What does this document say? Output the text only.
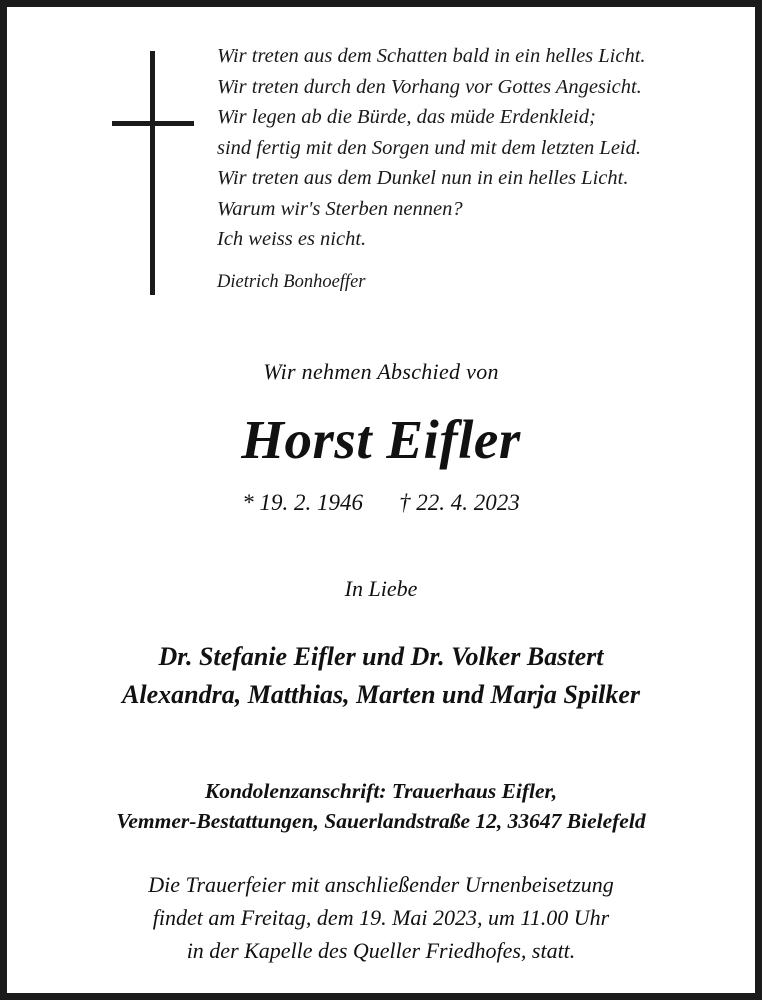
Wir treten aus dem Schatten bald in ein helles Licht.
Wir treten durch den Vorhang vor Gottes Angesicht.
Wir legen ab die Bürde, das müde Erdenkleid;
sind fertig mit den Sorgen und mit dem letzten Leid.
Wir treten aus dem Dunkel nun in ein helles Licht.
Warum wir's Sterben nennen?
Ich weiss es nicht.
Dietrich Bonhoeffer
Wir nehmen Abschied von
Horst Eifler
* 19. 2. 1946 † 22. 4. 2023
In Liebe
Dr. Stefanie Eifler und Dr. Volker Bastert
Alexandra, Matthias, Marten und Marja Spilker
Kondolenzanschrift: Trauerhaus Eifler,
Vemmer-Bestattungen, Sauerlandstraße 12, 33647 Bielefeld
Die Trauerfeier mit anschließender Urnenbeisetzung
findet am Freitag, dem 19. Mai 2023, um 11.00 Uhr
in der Kapelle des Queller Friedhofes, statt.
